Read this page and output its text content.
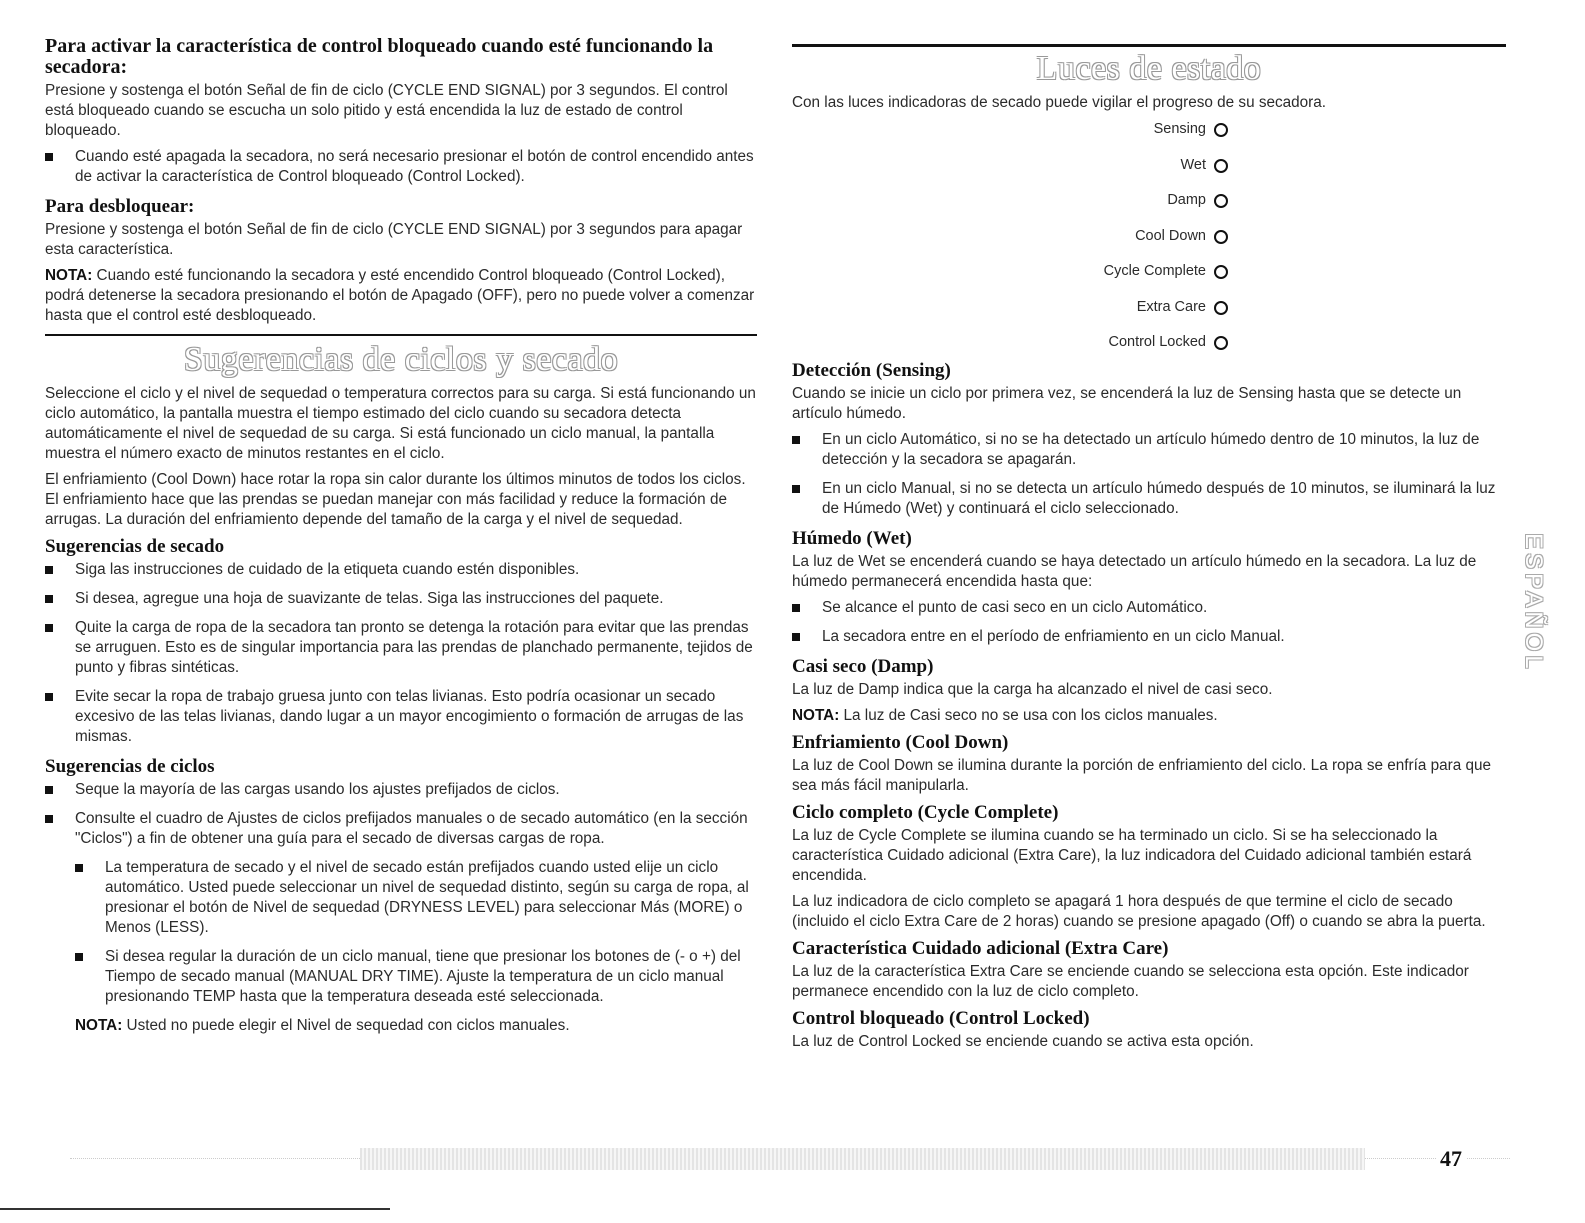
Para activar la característica de control bloqueado cuando esté funcionando la secadora:

Presione y sostenga el botón Señal de fin de ciclo (CYCLE END SIGNAL) por 3 segundos. El control está bloqueado cuando se escucha un solo pitido y está encendida la luz de estado de control bloqueado.

Cuando esté apagada la secadora, no será necesario presionar el botón de control encendido antes de activar la característica de Control bloqueado (Control Locked).
Para desbloquear:

Presione y sostenga el botón Señal de fin de ciclo (CYCLE END SIGNAL) por 3 segundos para apagar esta característica.

NOTA: Cuando esté funcionando la secadora y esté encendido Control bloqueado (Control Locked), podrá detenerse la secadora presionando el botón de Apagado (OFF), pero no puede volver a comenzar hasta que el control esté desbloqueado.

Sugerencias de ciclos y secado

Seleccione el ciclo y el nivel de sequedad o temperatura correctos para su carga. Si está funcionando un ciclo automático, la pantalla muestra el tiempo estimado del ciclo cuando su secadora detecta automáticamente el nivel de sequedad de su carga. Si está funcionado un ciclo manual, la pantalla muestra el número exacto de minutos restantes en el ciclo.

El enfriamiento (Cool Down) hace rotar la ropa sin calor durante los últimos minutos de todos los ciclos. El enfriamiento hace que las prendas se puedan manejar con más facilidad y reduce la formación de arrugas. La duración del enfriamiento depende del tamaño de la carga y el nivel de sequedad.

Sugerencias de secado
Siga las instrucciones de cuidado de la etiqueta cuando estén disponibles.
Si desea, agregue una hoja de suavizante de telas. Siga las instrucciones del paquete.
Quite la carga de ropa de la secadora tan pronto se detenga la rotación para evitar que las prendas se arruguen. Esto es de singular importancia para las prendas de planchado permanente, tejidos de punto y fibras sintéticas.
Evite secar la ropa de trabajo gruesa junto con telas livianas. Esto podría ocasionar un secado excesivo de las telas livianas, dando lugar a un mayor encogimiento o formación de arrugas de las mismas.
Sugerencias de ciclos
Seque la mayoría de las cargas usando los ajustes prefijados de ciclos.
Consulte el cuadro de Ajustes de ciclos prefijados manuales o de secado automático (en la sección "Ciclos") a fin de obtener una guía para el secado de diversas cargas de ropa.
La temperatura de secado y el nivel de secado están prefijados cuando usted elije un ciclo automático. Usted puede seleccionar un nivel de sequedad distinto, según su carga de ropa, al presionar el botón de Nivel de sequedad (DRYNESS LEVEL) para seleccionar Más (MORE) o Menos (LESS).
Si desea regular la duración de un ciclo manual, tiene que presionar los botones de (- o +) del Tiempo de secado manual (MANUAL DRY TIME). Ajuste la temperatura de un ciclo manual presionando TEMP hasta que la temperatura deseada esté seleccionada.

NOTA: Usted no puede elegir el Nivel de sequedad con ciclos manuales.

Luces de estado

Con las luces indicadoras de secado puede vigilar el progreso de su secadora.

Sensing
Wet
Damp
Cool Down
Cycle Complete
Extra Care
Control Locked
Detección (Sensing)

Cuando se inicie un ciclo por primera vez, se encenderá la luz de Sensing hasta que se detecte un artículo húmedo.

En un ciclo Automático, si no se ha detectado un artículo húmedo dentro de 10 minutos, la luz de detección y la secadora se apagarán.
En un ciclo Manual, si no se detecta un artículo húmedo después de 10 minutos, se iluminará la luz de Húmedo (Wet) y continuará el ciclo seleccionado.
Húmedo (Wet)

La luz de Wet se encenderá cuando se haya detectado un artículo húmedo en la secadora. La luz de húmedo permanecerá encendida hasta que:

Se alcance el punto de casi seco en un ciclo Automático.
La secadora entre en el período de enfriamiento en un ciclo Manual.
Casi seco (Damp)

La luz de Damp indica que la carga ha alcanzado el nivel de casi seco.

NOTA: La luz de Casi seco no se usa con los ciclos manuales.

Enfriamiento (Cool Down)

La luz de Cool Down se ilumina durante la porción de enfriamiento del ciclo. La ropa se enfría para que sea más fácil manipularla.

Ciclo completo (Cycle Complete)

La luz de Cycle Complete se ilumina cuando se ha terminado un ciclo. Si se ha seleccionado la característica Cuidado adicional (Extra Care), la luz indicadora del Cuidado adicional también estará encendida.

La luz indicadora de ciclo completo se apagará 1 hora después de que termine el ciclo de secado (incluido el ciclo Extra Care de 2 horas) cuando se presione apagado (Off) o cuando se abra la puerta.

Característica Cuidado adicional (Extra Care)

La luz de la característica Extra Care se enciende cuando se selecciona esta opción. Este indicador permanece encendido con la luz de ciclo completo.

Control bloqueado (Control Locked)

La luz de Control Locked se enciende cuando se activa esta opción.

ESPAÑOL
47
